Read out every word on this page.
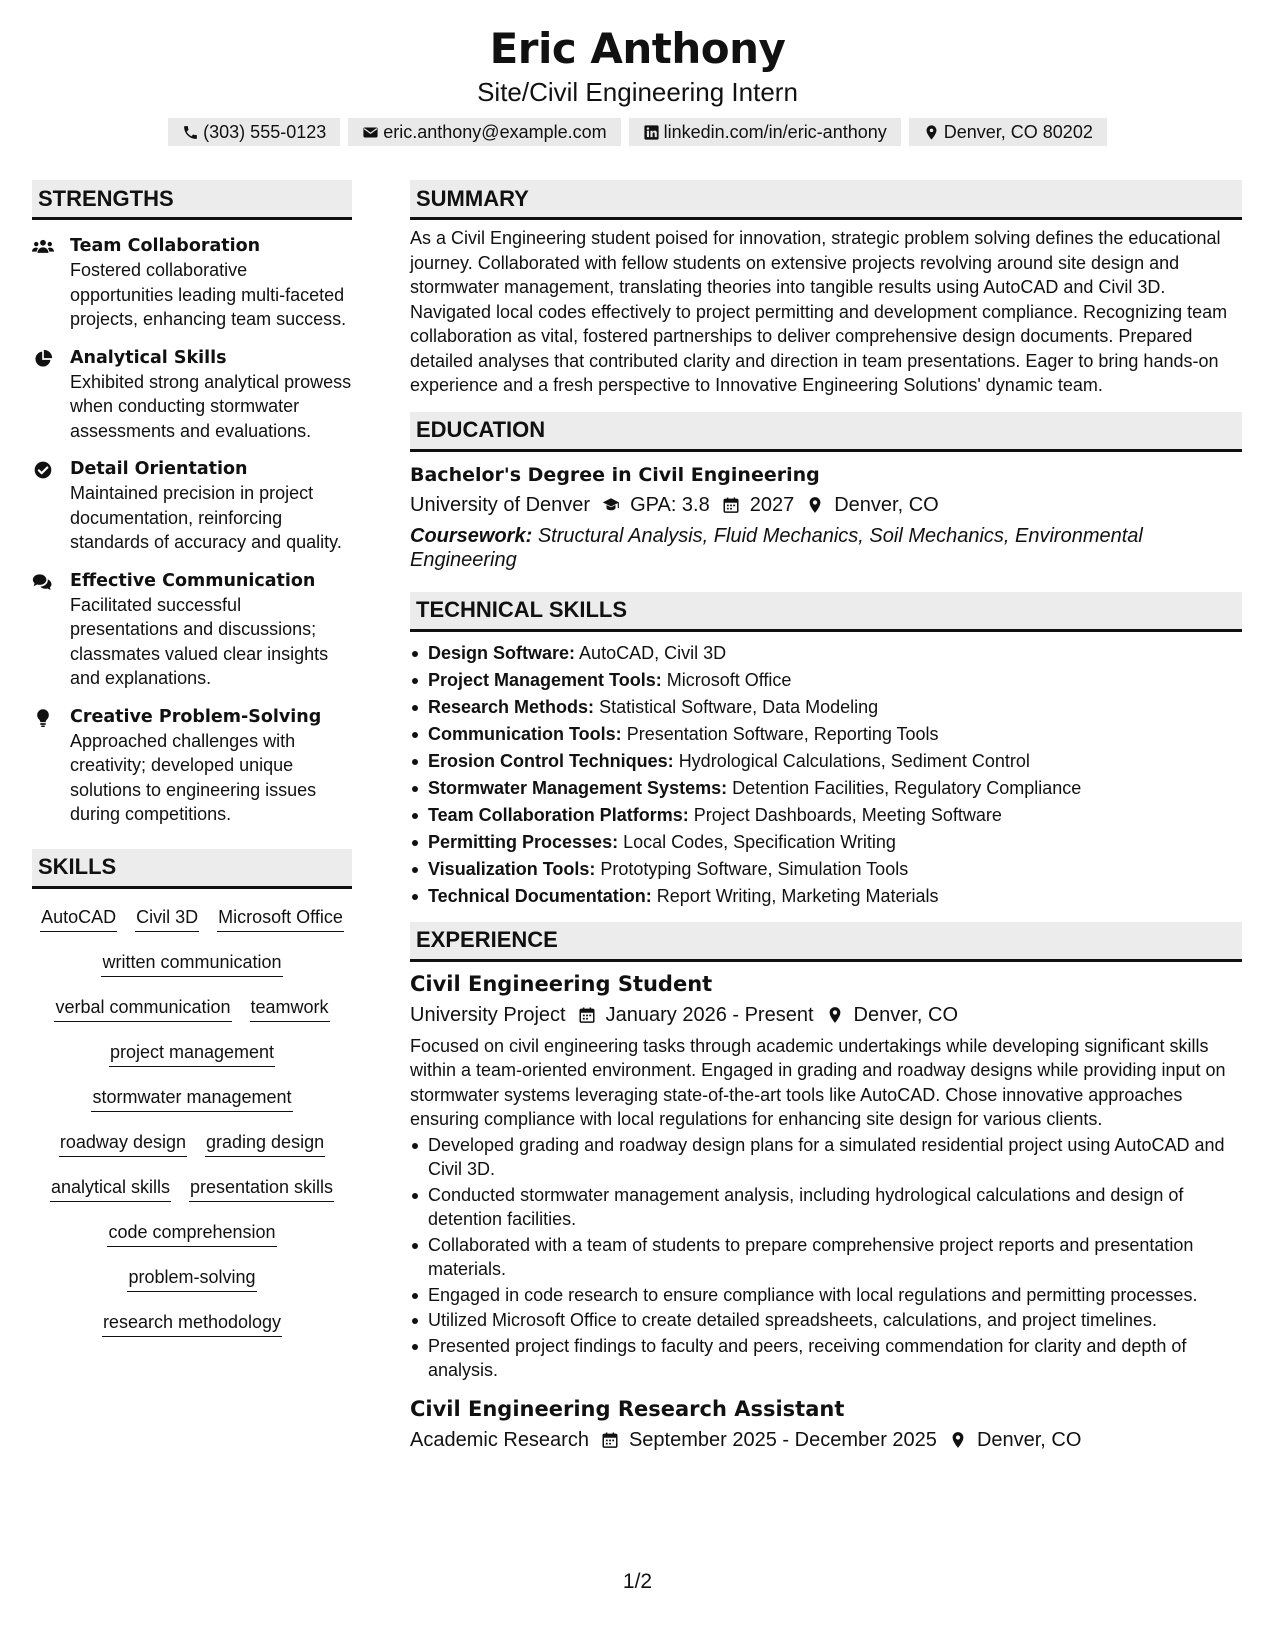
Eric Anthony
Site/Civil Engineering Intern
(303) 555-0123	eric.anthony@example.com	linkedin.com/in/eric-anthony	Denver, CO 80202
STRENGTHS
Team Collaboration
Fostered collaborative opportunities leading multi-faceted projects, enhancing team success.
Analytical Skills
Exhibited strong analytical prowess when conducting stormwater assessments and evaluations.
Detail Orientation
Maintained precision in project documentation, reinforcing standards of accuracy and quality.
Effective Communication
Facilitated successful presentations and discussions; classmates valued clear insights and explanations.
Creative Problem-Solving
Approached challenges with creativity; developed unique solutions to engineering issues during competitions.
SKILLS
AutoCAD Civil 3D Microsoft Office
written communication
verbal communication teamwork
project management
stormwater management
roadway design grading design
analytical skills presentation skills
code comprehension
problem-solving
research methodology
SUMMARY
As a Civil Engineering student poised for innovation, strategic problem solving defines the educational journey. Collaborated with fellow students on extensive projects revolving around site design and stormwater management, translating theories into tangible results using AutoCAD and Civil 3D. Navigated local codes effectively to project permitting and development compliance. Recognizing team collaboration as vital, fostered partnerships to deliver comprehensive design documents. Prepared detailed analyses that contributed clarity and direction in team presentations. Eager to bring hands-on experience and a fresh perspective to Innovative Engineering Solutions' dynamic team.
EDUCATION
Bachelor's Degree in Civil Engineering
University of Denver GPA: 3.8 2027 Denver, CO
Coursework: Structural Analysis, Fluid Mechanics, Soil Mechanics, Environmental Engineering
TECHNICAL SKILLS
Design Software: AutoCAD, Civil 3D
Project Management Tools: Microsoft Office
Research Methods: Statistical Software, Data Modeling
Communication Tools: Presentation Software, Reporting Tools
Erosion Control Techniques: Hydrological Calculations, Sediment Control
Stormwater Management Systems: Detention Facilities, Regulatory Compliance
Team Collaboration Platforms: Project Dashboards, Meeting Software
Permitting Processes: Local Codes, Specification Writing
Visualization Tools: Prototyping Software, Simulation Tools
Technical Documentation: Report Writing, Marketing Materials
EXPERIENCE
Civil Engineering Student
University Project January 2026 - Present Denver, CO
Focused on civil engineering tasks through academic undertakings while developing significant skills within a team-oriented environment. Engaged in grading and roadway designs while providing input on stormwater systems leveraging state-of-the-art tools like AutoCAD. Chose innovative approaches ensuring compliance with local regulations for enhancing site design for various clients.
Developed grading and roadway design plans for a simulated residential project using AutoCAD and Civil 3D.
Conducted stormwater management analysis, including hydrological calculations and design of detention facilities.
Collaborated with a team of students to prepare comprehensive project reports and presentation materials.
Engaged in code research to ensure compliance with local regulations and permitting processes.
Utilized Microsoft Office to create detailed spreadsheets, calculations, and project timelines.
Presented project findings to faculty and peers, receiving commendation for clarity and depth of analysis.
Civil Engineering Research Assistant
Academic Research September 2025 - December 2025 Denver, CO
1/2
